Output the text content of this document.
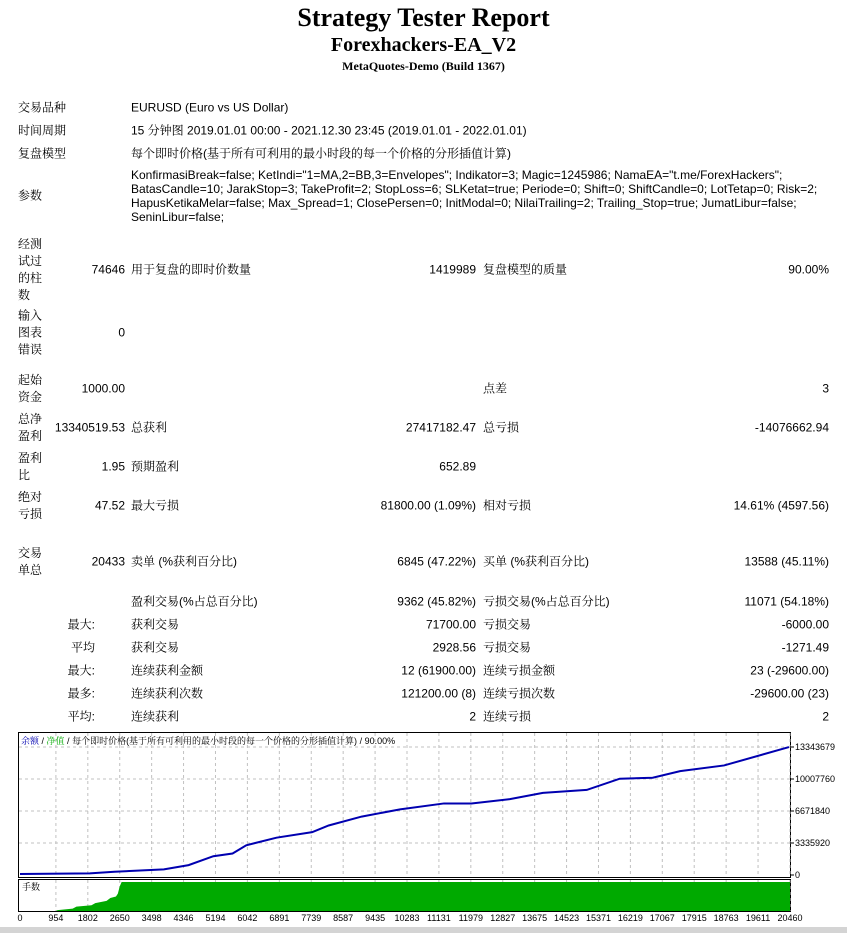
Strategy Tester Report
Forexhackers-EA_V2
MetaQuotes-Demo (Build 1367)
交易品种	EURUSD (Euro vs US Dollar)
时间周期	15 分钟图 2019.01.01 00:00 - 2021.12.30 23:45 (2019.01.01 - 2022.01.01)
复盘模型	每个即时价格(基于所有可利用的最小时段的每一个价格的分形插值计算)
参数
KonfirmasiBreak=false; KetIndi="1=MA,2=BB,3=Envelopes"; Indikator=3; Magic=1245986; NamaEA="t.me/ForexHackers";
BatasCandle=10; JarakStop=3; TakeProfit=2; StopLoss=6; SLKetat=true; Periode=0; Shift=0; ShiftCandle=0; LotTetap=0; Risk=2;
HapusKetikaMelar=false; Max_Spread=1; ClosePersen=0; InitModal=0; NilaiTrailing=2; Trailing_Stop=true; JumatLibur=false;
SeninLibur=false;
经测试过的柱数
74646 用于复盘的即时价数量	1419989 复盘模型的质量	90.00%
输入图表错误
0
起始资金
1000.00	点差	3
总净盈利
13340519.53 总获利	27417182.47 总亏损	-14076662.94
盈利比
1.95 预期盈利	652.89
绝对亏损
47.52 最大亏损	81800.00 (1.09%) 相对亏损	14.61% (4597.56)
交易单总
20433 卖单 (%获利百分比)	6845 (47.22%) 买单 (%获利百分比)	13588 (45.11%)
盈利交易(%占总百分比)	9362 (45.82%) 亏损交易(%占总百分比)	11071 (54.18%)
最大:	获利交易	71700.00 亏损交易	-6000.00
平均	获利交易	2928.56 亏损交易	-1271.49
最大:	连续获利金额	12 (61900.00) 连续亏损金额	23 (-29600.00)
最多:	连续获利次数	121200.00 (8) 连续亏损次数	-29600.00 (23)
平均:	连续获利	2 连续亏损	2
13343679
10007760
6671840
3335920
0
0	954 1802 2650 3498 4346 5194 6042 6891 7739 8587 9435 10283 11131 11979 12827 13675 14523 15371 16219 17067 17915 18763 19611 20460
余额 / 净值 / 每个即时价格(基于所有可利用的最小时段的每一个价格的分形插值计算) / 90.00%
手数
